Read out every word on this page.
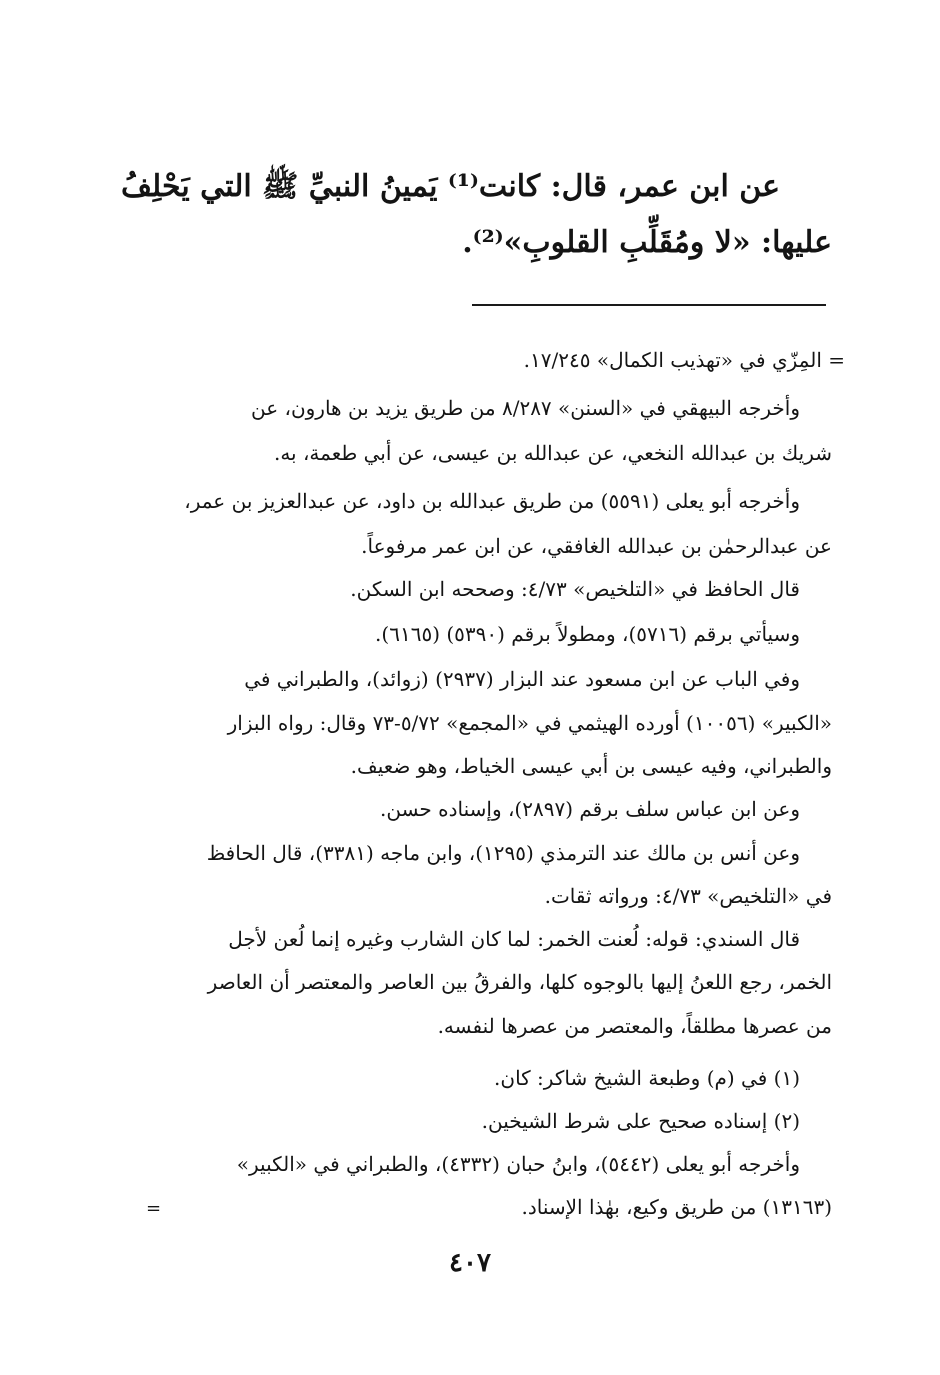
عن ابن عمر، قال: كانت⁽¹⁾ يَمينُ النبيِّ ﷺ التي يَحْلِفُ
عليها: «لا ومُقَلِّبِ القلوبِ»⁽²⁾.
= المِزّي في «تهذيب الكمال» ١٧/٢٤٥.
وأخرجه البيهقي في «السنن» ٨/٢٨٧ من طريق يزيد بن هارون، عن
شريك بن عبدالله النخعي، عن عبدالله بن عيسى، عن أبي طعمة، به.
وأخرجه أبو يعلى (٥٥٩١) من طريق عبدالله بن داود، عن عبدالعزيز بن عمر،
عن عبدالرحمٰن بن عبدالله الغافقي، عن ابن عمر مرفوعاً.
قال الحافظ في «التلخيص» ٤/٧٣: وصححه ابن السكن.
وسيأتي برقم (٥٧١٦)، ومطولاً برقم (٥٣٩٠) (٦١٦٥).
وفي الباب عن ابن مسعود عند البزار (٢٩٣٧) (زوائد)، والطبراني في
«الكبير» (١٠٠٥٦) أورده الهيثمي في «المجمع» ٥/٧٢-٧٣ وقال: رواه البزار
والطبراني، وفيه عيسى بن أبي عيسى الخياط، وهو ضعيف.
وعن ابن عباس سلف برقم (٢٨٩٧)، وإسناده حسن.
وعن أنس بن مالك عند الترمذي (١٢٩٥)، وابن ماجه (٣٣٨١)، قال الحافظ
في «التلخيص» ٤/٧٣: ورواته ثقات.
قال السندي: قوله: لُعنت الخمر: لما كان الشارب وغيره إنما لُعن لأجل
الخمر، رجع اللعنُ إليها بالوجوه كلها، والفرقُ بين العاصر والمعتصر أن العاصر
من عصرها مطلقاً، والمعتصر من عصرها لنفسه.
(١) في (م) وطبعة الشيخ شاكر: كان.
(٢) إسناده صحيح على شرط الشيخين.
وأخرجه أبو يعلى (٥٤٤٢)، وابنُ حبان (٤٣٣٢)، والطبراني في «الكبير»
(١٣١٦٣) من طريق وكيع، بهٰذا الإسناد.
=
٤٠٧
